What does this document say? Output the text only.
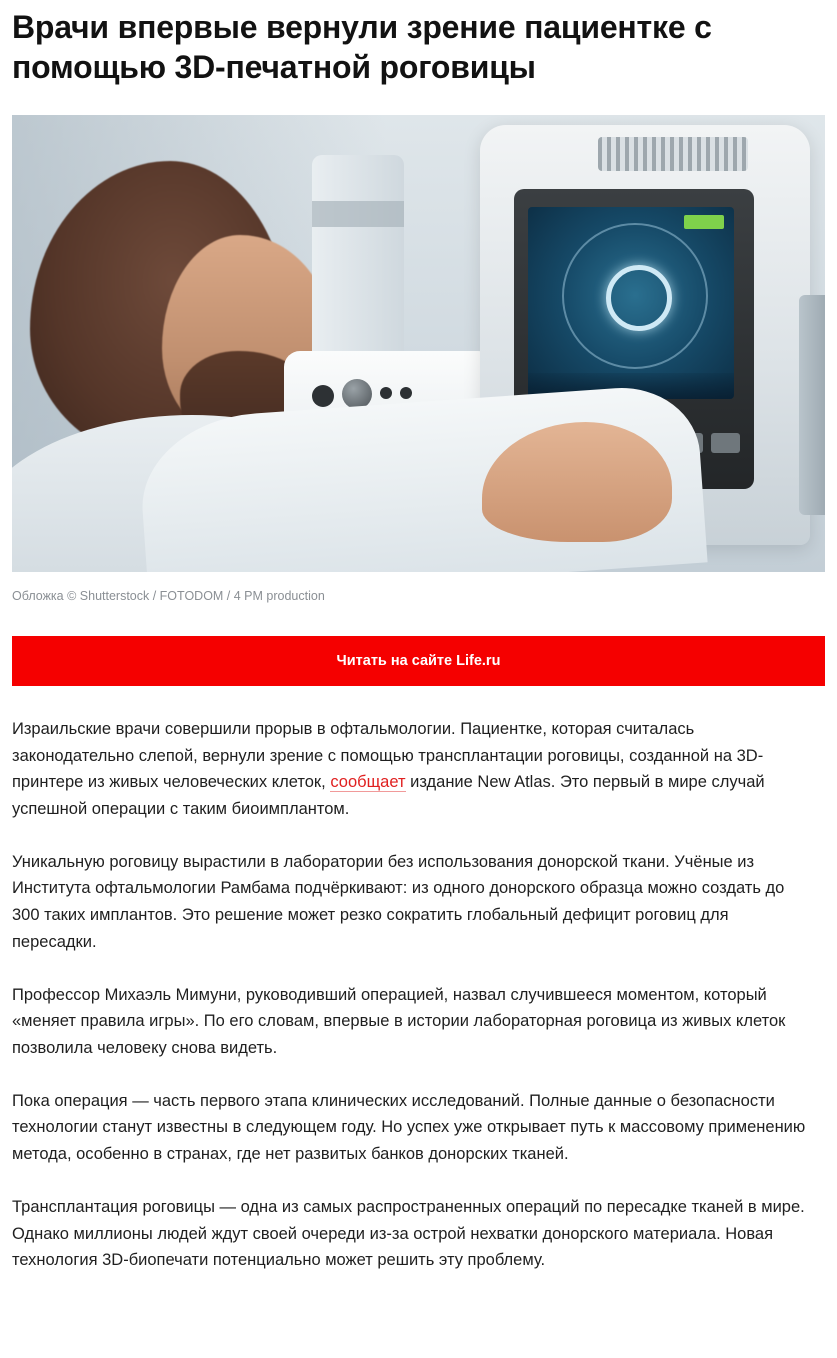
Врачи впервые вернули зрение пациентке с помощью 3D-печатной роговицы
Обложка © Shutterstock / FOTODOM / 4 PM production
Читать на сайте Life.ru

Израильские врачи совершили прорыв в офтальмологии. Пациентке, которая считалась законодательно слепой, вернули зрение с помощью трансплантации роговицы, созданной на 3D-принтере из живых человеческих клеток, сообщает издание New Atlas. Это первый в мире случай успешной операции с таким биоимплантом.

Уникальную роговицу вырастили в лаборатории без использования донорской ткани. Учёные из Института офтальмологии Рамбама подчёркивают: из одного донорского образца можно создать до 300 таких имплантов. Это решение может резко сократить глобальный дефицит роговиц для пересадки.

Профессор Михаэль Мимуни, руководивший операцией, назвал случившееся моментом, который «меняет правила игры». По его словам, впервые в истории лабораторная роговица из живых клеток позволила человеку снова видеть.

Пока операция — часть первого этапа клинических исследований. Полные данные о безопасности технологии станут известны в следующем году. Но успех уже открывает путь к массовому применению метода, особенно в странах, где нет развитых банков донорских тканей.

Трансплантация роговицы — одна из самых распространенных операций по пересадке тканей в мире. Однако миллионы людей ждут своей очереди из-за острой нехватки донорского материала. Новая технология 3D-биопечати потенциально может решить эту проблему.
